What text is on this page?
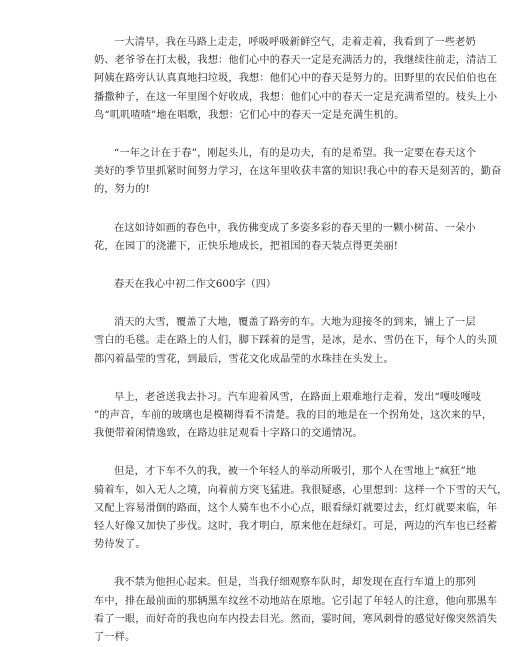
一大清早，我在马路上走走，呼吸呼吸新鲜空气，走着走着，我看到了一些老奶
奶、老爷爷在打太极，我想：他们心中的春天一定是充满活力的，我继续往前走，清洁工
阿姨在路旁认认真真地扫垃圾，我想：他们心中的春天是努力的。田野里的农民伯伯也在
播撒种子，在这一年里图个好收成，我想：他们心中的春天一定是充满希望的。枝头上小
鸟“叽叽喳喳”地在唱歌，我想：它们心中的春天一定是充满生机的。

“一年之计在于春”，刚起头儿，有的是功夫，有的是希望。我一定要在春天这个
美好的季节里抓紧时间努力学习，在这年里收获丰富的知识!我心中的春天是刻苦的，勤奋
的，努力的!

在这如诗如画的春色中，我仿佛变成了多姿多彩的春天里的一颗小树苗、一朵小
花，在园丁的浇灌下，正快乐地成长，把祖国的春天装点得更美丽!

春天在我心中初二作文600字（四）

消天的大雪，覆盖了大地，覆盖了路旁的车。大地为迎接冬的到来，铺上了一层
雪白的毛毯。走在路上的人们，脚下踩着的是雪，是冰，是水、雪仍在下，每个人的头顶
都闪着晶莹的雪花，到最后，雪花文化成晶莹的水珠挂在头发上。

早上，老爸送我去扑习。汽车迎着风雪，在路面上艰难地行走着，发出“嘎吱嘎吱
”的声音，车前的玻璃也是模糊得看不清楚。我的目的地是在一个拐角处，这次来的早，
我便带着闲情逸致，在路边驻足观看十字路口的交通情况。

但是，才下车不久的我，被一个年轻人的举动所吸引，那个人在雪地上“疯狂”地
骑着车，如入无人之境，向着前方突飞猛进。我很疑惑，心里想到：这样一个下雪的天气，
又配上容易滑倒的路面，这个人骑车也不小心点，眼看绿灯就要过去，红灯就要来临，年
轻人好像又加快了步伐。这时，我才明白，原来他在赶绿灯。可是，两边的汽车也已经蓄
势待发了。

我不禁为他担心起来。但是，当我仔细观察车队时，却发现在直行车道上的那列
车中，排在最前面的那辆黑车纹丝不动地站在原地。它引起了年轻人的注意，他向那黑车
看了一眼，而好奇的我也向车内投去目光。然而，霎时间，寒风刺骨的感觉好像突然消失
了一样。
